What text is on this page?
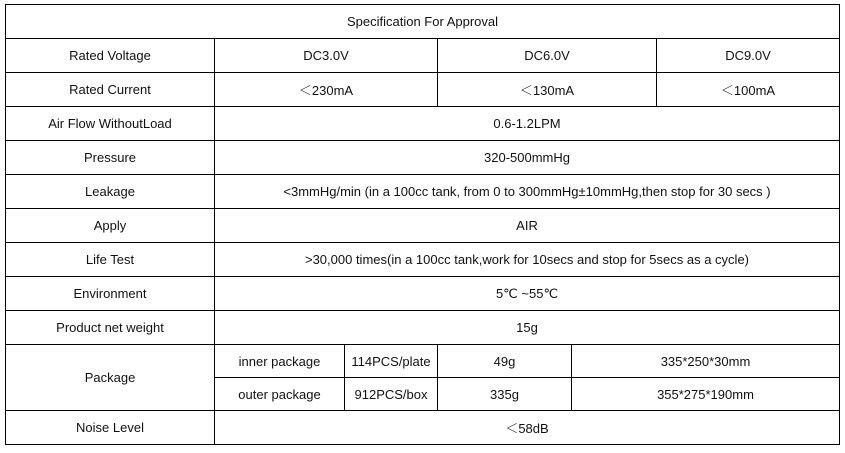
Specification For Approval					
Rated Voltage	DC3.0V		DC6.0V		DC9.0V
Rated Current	＜230mA		＜130mA		＜100mA
Air Flow WithoutLoad	0.6-1.2LPM				
Pressure	320-500mmHg				
Leakage	<3mmHg/min (in a 100cc tank, from 0 to 300mmHg±10mmHg,then stop for 30 secs )				
Apply	AIR				
Life Test	>30,000 times(in a 100cc tank,work for 10secs and stop for 5secs as a cycle)				
Environment	5℃ ~55℃				
Product net weight	15g				
Package	inner package	114PCS/plate	49g	335*250*30mm	
	outer package	912PCS/box	335g	355*275*190mm	
Noise Level	＜58dB				
